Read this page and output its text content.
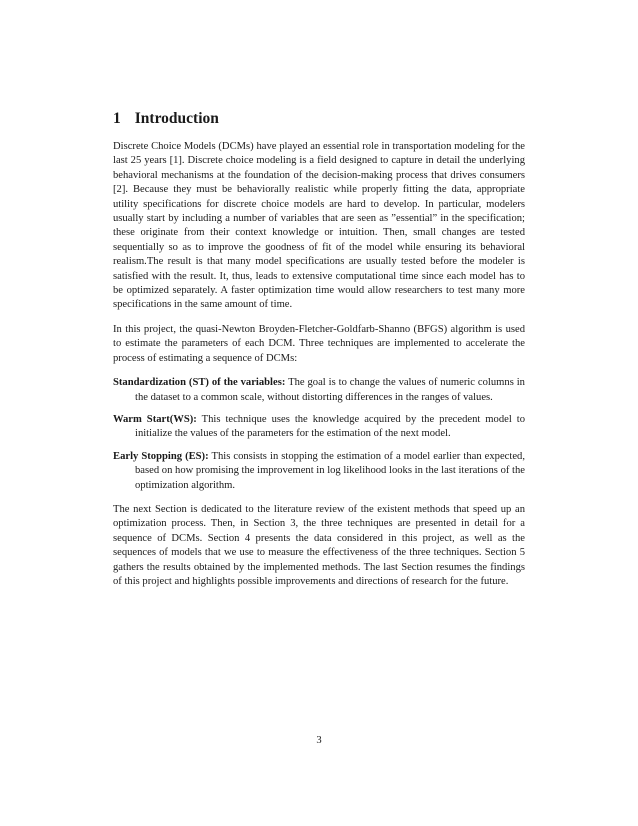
1 Introduction

Discrete Choice Models (DCMs) have played an essential role in transportation modeling for the last 25 years [1]. Discrete choice modeling is a field designed to capture in detail the underlying behavioral mechanisms at the foundation of the decision-making process that drives consumers [2]. Because they must be behaviorally realistic while properly fitting the data, appropriate utility specifications for discrete choice models are hard to develop. In particular, modelers usually start by including a number of variables that are seen as ”essential” in the specification; these originate from their context knowledge or intuition. Then, small changes are tested sequentially so as to improve the goodness of fit of the model while ensuring its behavioral realism.The result is that many model specifications are usually tested before the modeler is satisfied with the result. It, thus, leads to extensive computational time since each model has to be optimized separately. A faster optimization time would allow researchers to test many more specifications in the same amount of time.

In this project, the quasi-Newton Broyden-Fletcher-Goldfarb-Shanno (BFGS) algorithm is used to estimate the parameters of each DCM. Three techniques are implemented to accelerate the process of estimating a sequence of DCMs:

Standardization (ST) of the variables: The goal is to change the values of numeric columns in the dataset to a common scale, without distorting differences in the ranges of values.
Warm Start(WS): This technique uses the knowledge acquired by the precedent model to initialize the values of the parameters for the estimation of the next model.
Early Stopping (ES): This consists in stopping the estimation of a model earlier than expected, based on how promising the improvement in log likelihood looks in the last iterations of the optimization algorithm.

The next Section is dedicated to the literature review of the existent methods that speed up an optimization process. Then, in Section 3, the three techniques are presented in detail for a sequence of DCMs. Section 4 presents the data considered in this project, as well as the sequences of models that we use to measure the effectiveness of the three techniques. Section 5 gathers the results obtained by the implemented methods. The last Section resumes the findings of this project and highlights possible improvements and directions of research for the future.

3
